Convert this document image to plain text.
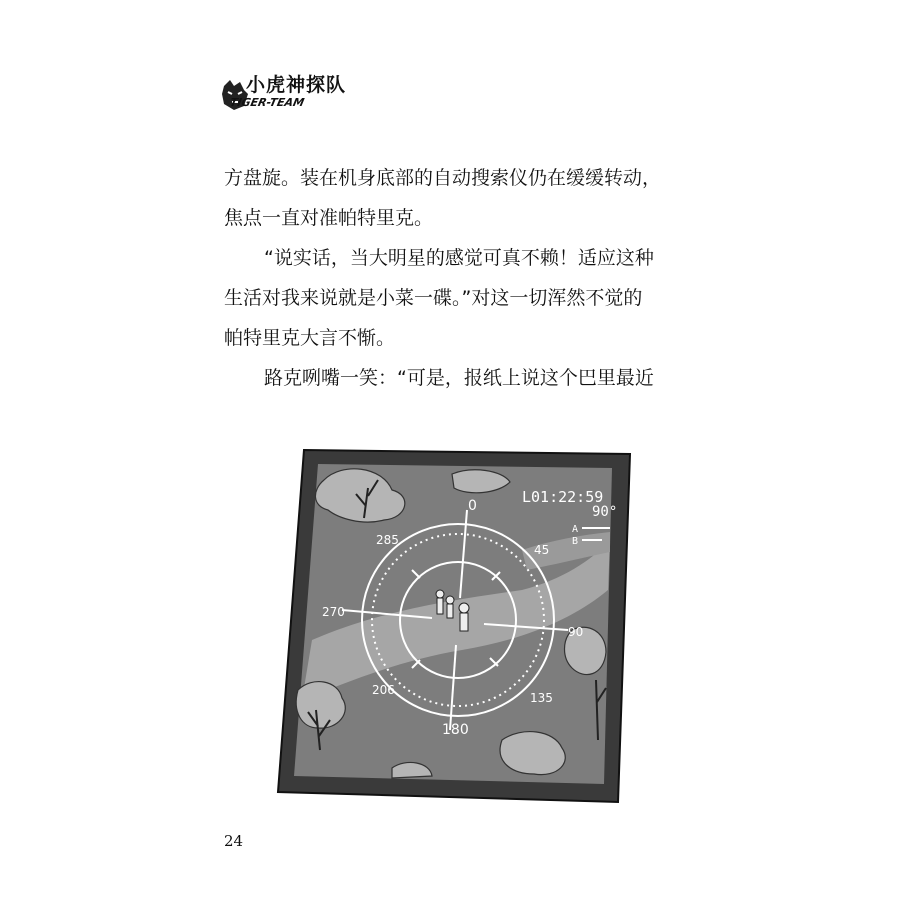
小虎神探队
TIGER-TEAM
方盘旋。装在机身底部的自动搜索仪仍在缓缓转动，
焦点一直对准帕特里克。
“说实话，当大明星的感觉可真不赖！适应这种
生活对我来说就是小菜一碟。”对这一切浑然不觉的
帕特里克大言不惭。
路克咧嘴一笑：“可是，报纸上说这个巴里最近
L01:22:59
90°
A
B
0
45
90
135
180
206
270
285
24
